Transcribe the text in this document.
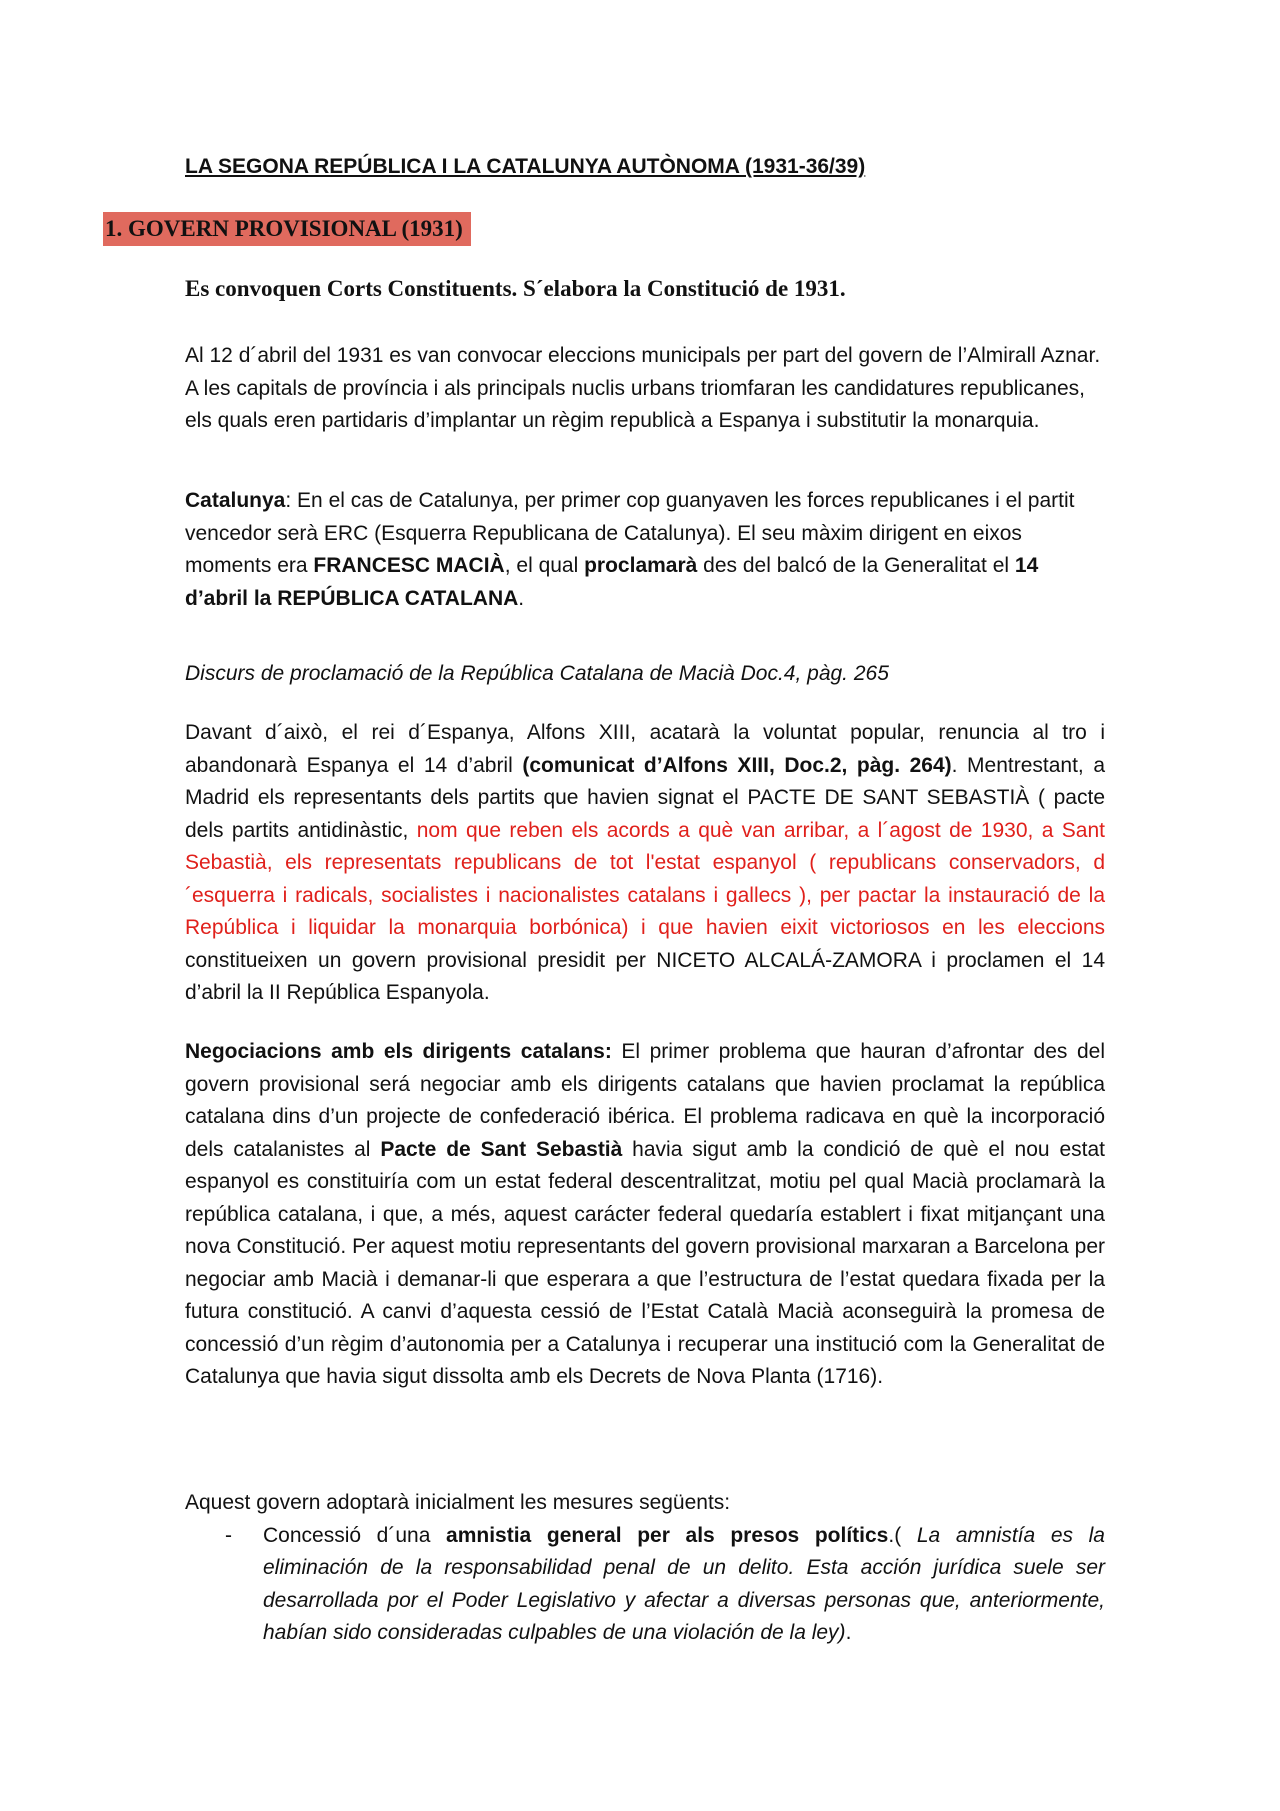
LA SEGONA REPÚBLICA I LA CATALUNYA AUTÒNOMA (1931-36/39)
1. GOVERN PROVISIONAL (1931)
Es convoquen Corts Constituents. S´elabora la Constitució de 1931.

Al 12 d´abril del 1931 es van convocar eleccions municipals per part del govern de l’Almirall Aznar. A les capitals de província i als principals nuclis urbans triomfaran les candidatures republicanes, els quals eren partidaris d’implantar un règim republicà a Espanya i substitutir la monarquia.

Catalunya: En el cas de Catalunya, per primer cop guanyaven les forces republicanes i el partit vencedor serà ERC (Esquerra Republicana de Catalunya). El seu màxim dirigent en eixos moments era FRANCESC MACIÀ, el qual proclamarà des del balcó de la Generalitat el 14 d’abril la REPÚBLICA CATALANA.

Discurs de proclamació de la República Catalana de Macià Doc.4, pàg. 265

Davant d´això, el rei d´Espanya, Alfons XIII, acatarà la voluntat popular, renuncia al tro i abandonarà Espanya el 14 d’abril (comunicat d’Alfons XIII, Doc.2, pàg. 264). Mentrestant, a Madrid els representants dels partits que havien signat el PACTE DE SANT SEBASTIÀ ( pacte dels partits antidinàstic, nom que reben els acords a què van arribar, a l´agost de 1930, a Sant Sebastià, els representats republicans de tot l'estat espanyol ( republicans conservadors, d´esquerra i radicals, socialistes i nacionalistes catalans i gallecs ), per pactar la instauració de la República i liquidar la monarquia borbónica) i que havien eixit victoriosos en les eleccions constitueixen un govern provisional presidit per NICETO ALCALÁ-ZAMORA i proclamen el 14 d’abril la II República Espanyola.

Negociacions amb els dirigents catalans: El primer problema que hauran d’afrontar des del govern provisional será negociar amb els dirigents catalans que havien proclamat la república catalana dins d’un projecte de confederació ibérica. El problema radicava en què la incorporació dels catalanistes al Pacte de Sant Sebastià havia sigut amb la condició de què el nou estat espanyol es constituiría com un estat federal descentralitzat, motiu pel qual Macià proclamarà la república catalana, i que, a més, aquest carácter federal quedaría establert i fixat mitjançant una nova Constitució. Per aquest motiu representants del govern provisional marxaran a Barcelona per negociar amb Macià i demanar-li que esperara a que l’estructura de l’estat quedara fixada per la futura constitució. A canvi d’aquesta cessió de l’Estat Català Macià aconseguirà la promesa de concessió d’un règim d’autonomia per a Catalunya i recuperar una institució com la Generalitat de Catalunya que havia sigut dissolta amb els Decrets de Nova Planta (1716).

Aquest govern adoptarà inicialment les mesures següents:

- Concessió d´una amnistia general per als presos polítics.( La amnistía es la eliminación de la responsabilidad penal de un delito. Esta acción jurídica suele ser desarrollada por el Poder Legislativo y afectar a diversas personas que, anteriormente, habían sido consideradas culpables de una violación de la ley).
